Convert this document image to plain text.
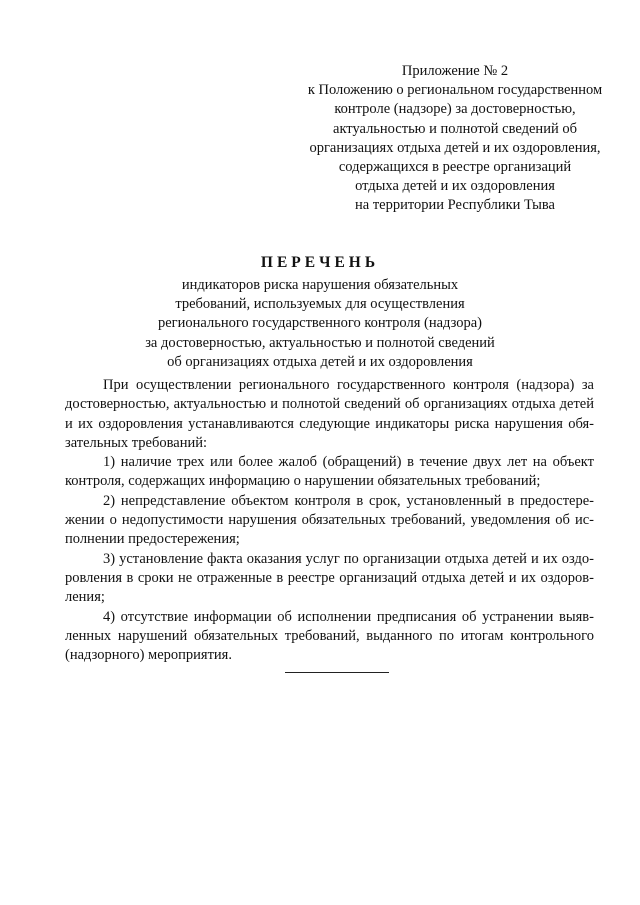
Приложение № 2
к Положению о региональном государственном
контроле (надзоре) за достоверностью,
актуальностью и полнотой сведений об
организациях отдыха детей и их оздоровления,
содержащихся в реестре организаций
отдыха детей и их оздоровления
на территории Республики Тыва
ПЕРЕЧЕНЬ
индикаторов риска нарушения обязательных
требований, используемых для осуществления
регионального государственного контроля (надзора)
за достоверностью, актуальностью и полнотой сведений
об организациях отдыха детей и их оздоровления

При осуществлении регионального государственного контроля (надзора) за достоверностью, актуальностью и полнотой сведений об организациях отдыха детей и их оздоровления устанавливаются следующие индикаторы риска нарушения обязательных требований:

1) наличие трех или более жалоб (обращений) в течение двух лет на объект контроля, содержащих информацию о нарушении обязательных требований;

2) непредставление объектом контроля в срок, установленный в предостережении о недопустимости нарушения обязательных требований, уведомления об исполнении предостережения;

3) установление факта оказания услуг по организации отдыха детей и их оздоровления в сроки не отраженные в реестре организаций отдыха детей и их оздоровления;

4) отсутствие информации об исполнении предписания об устранении выявленных нарушений обязательных требований, выданного по итогам контрольного (надзорного) мероприятия.
